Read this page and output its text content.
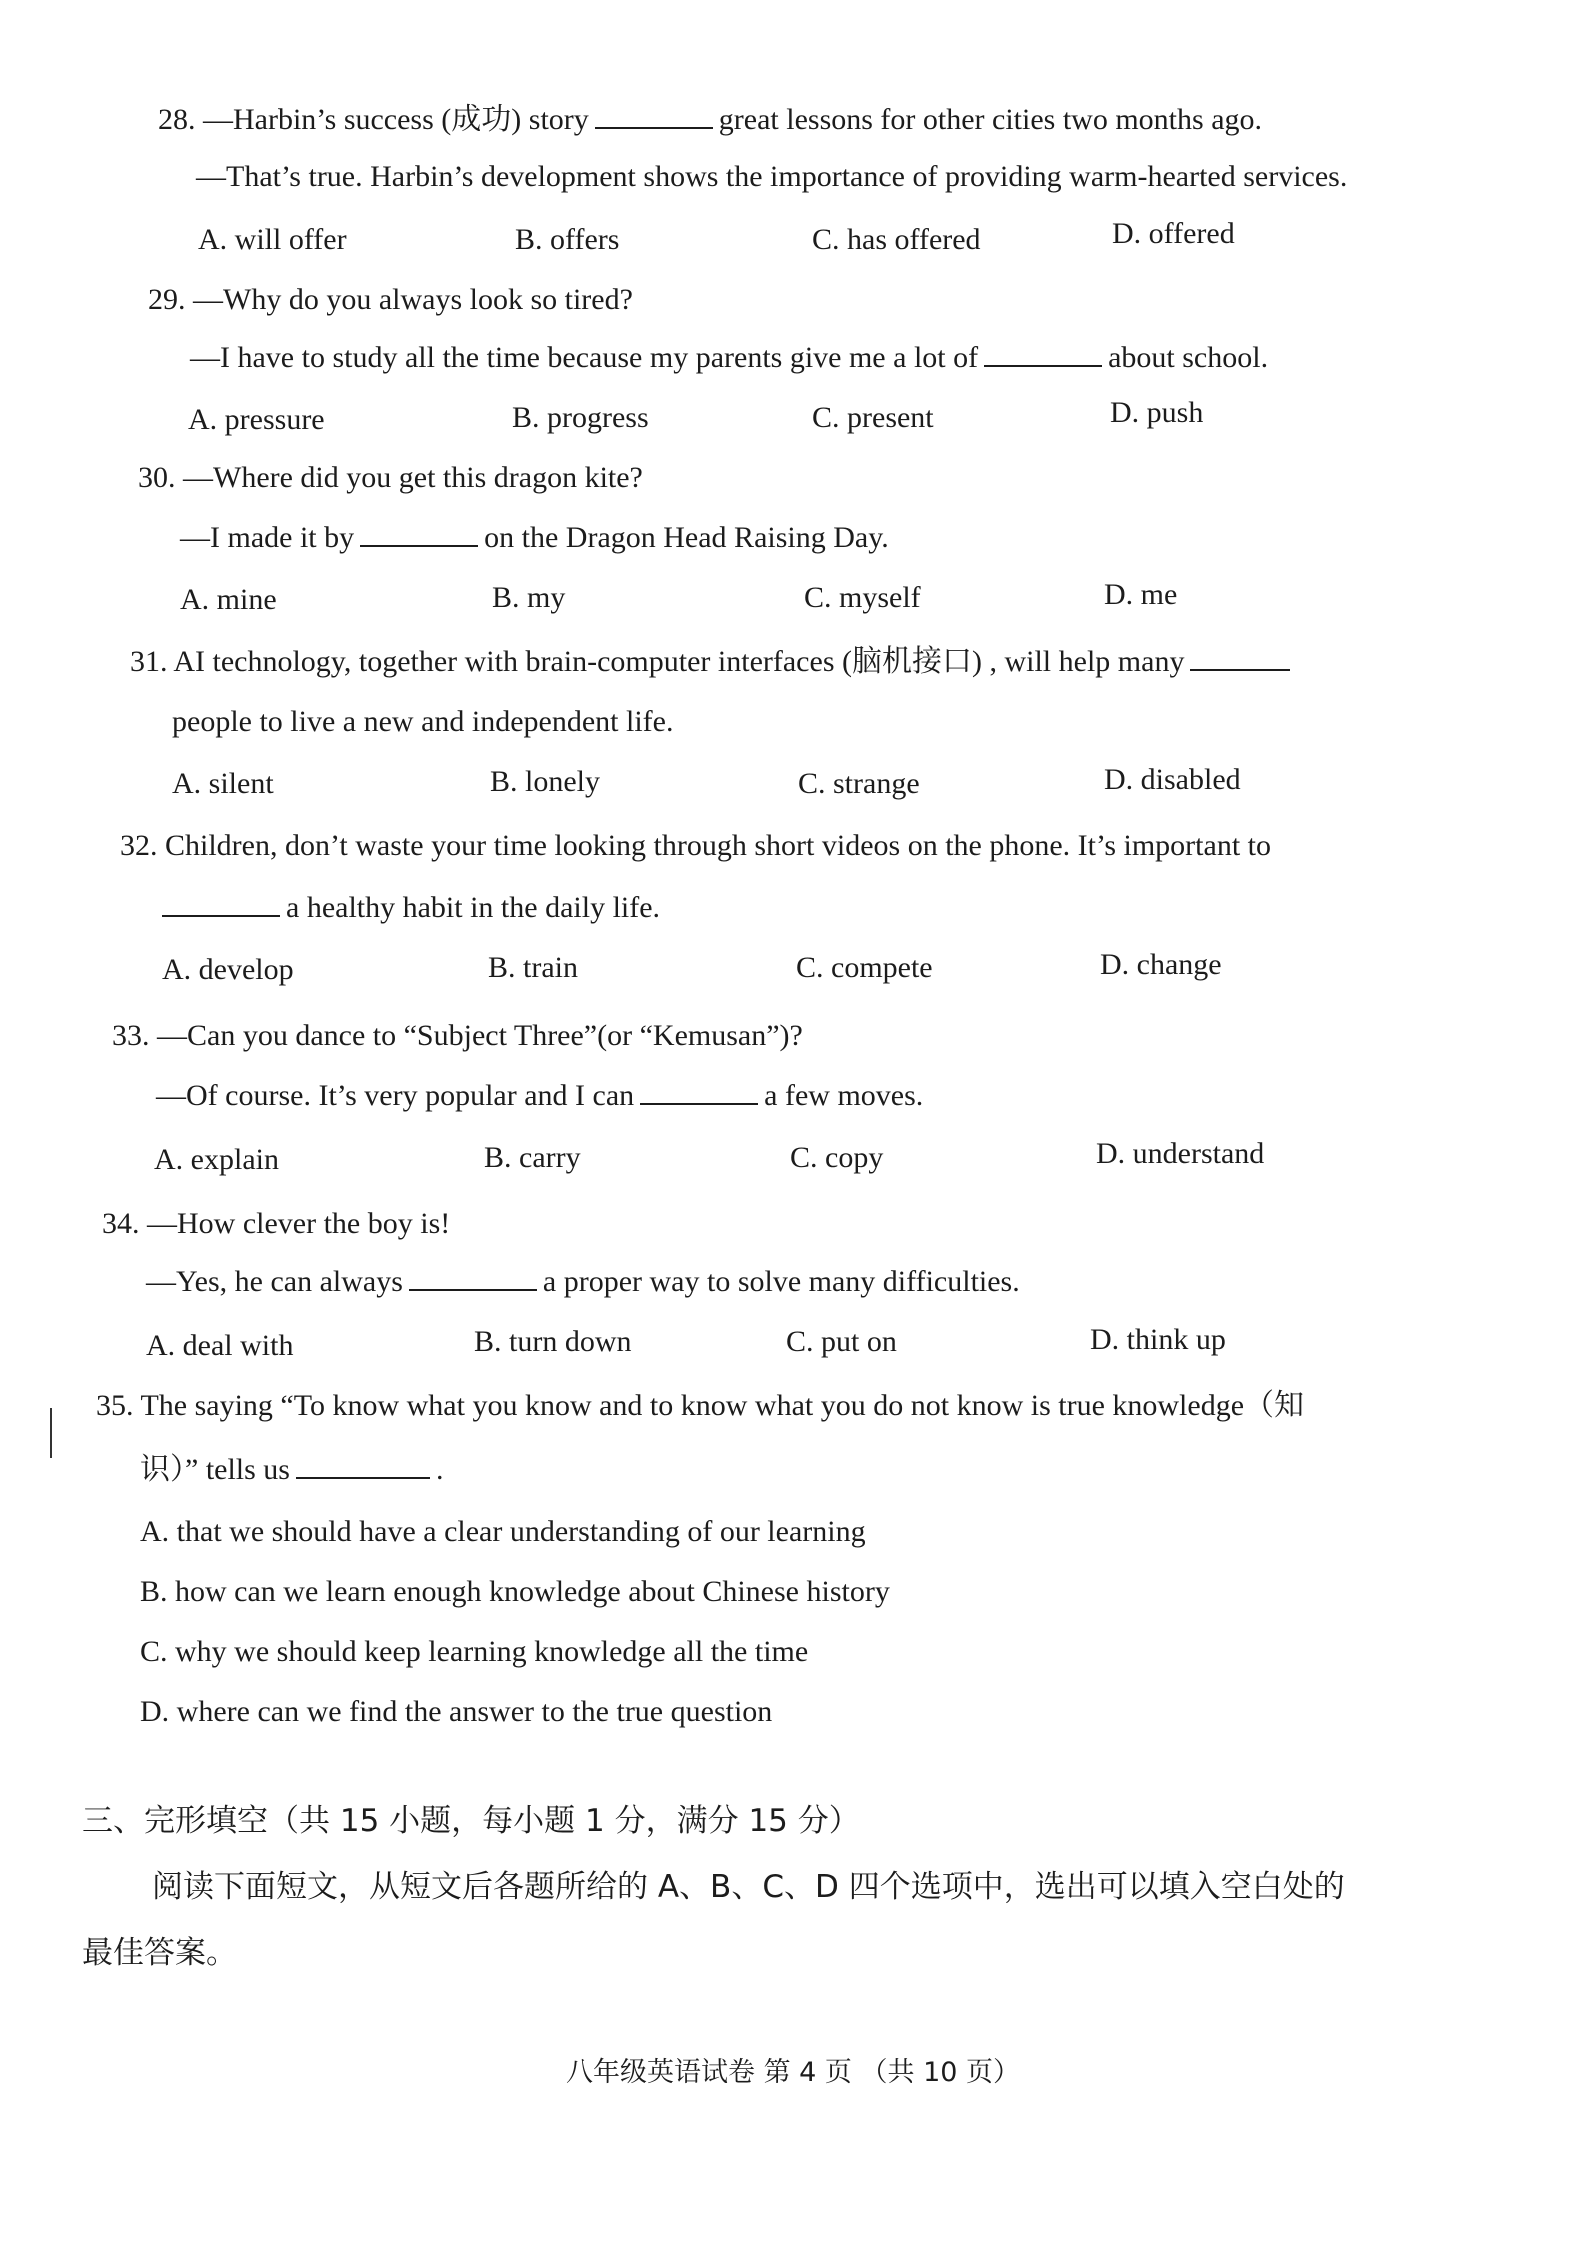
28. —Harbin’s success (成功) story	great lessons for other cities two months ago.
—That’s true. Harbin’s development shows the importance of providing warm-hearted services.
A. will offer	B. offers	C. has offered	D. offered
29. —Why do you always look so tired?
—I have to study all the time because my parents give me a lot of	about school.
A. pressure	B. progress	C. present	D. push
30. —Where did you get this dragon kite?
—I made it by	on the Dragon Head Raising Day.
A. mine	B. my	C. myself	D. me
31. AI technology, together with brain-computer interfaces (脑机接口) , will help many
people to live a new and independent life.
A. silent	B. lonely	C. strange	D. disabled
32. Children, don’t waste your time looking through short videos on the phone. It’s important to
a healthy habit in the daily life.
A. develop	B. train	C. compete	D. change
33. —Can you dance to “Subject Three”(or “Kemusan”)?
—Of course. It’s very popular and I can	a few moves.
A. explain	B. carry	C. copy	D. understand
34. —How clever the boy is!
—Yes, he can always	a proper way to solve many difficulties.
A. deal with	B. turn down	C. put on	D. think up
35. The saying “To know what you know and to know what you do not know is true knowledge（知
识）” tells us	.
A. that we should have a clear understanding of our learning
B. how can we learn enough knowledge about Chinese history
C. why we should keep learning knowledge all the time
D. where can we find the answer to the true question
三、完形填空（共 15 小题，每小题 1 分，满分 15 分）
阅读下面短文，从短文后各题所给的 A、B、C、D 四个选项中，选出可以填入空白处的
最佳答案。
八年级英语试卷 第 4 页 （共 10 页）
